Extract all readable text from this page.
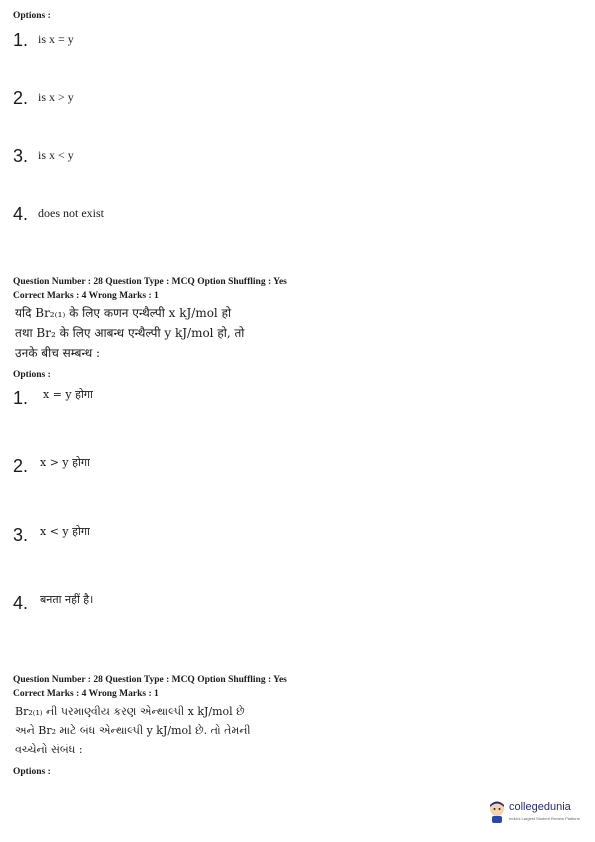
Options :
1. is x = y
2. is x > y
3. is x < y
4. does not exist
Question Number : 28 Question Type : MCQ Option Shuffling : Yes
Correct Marks : 4 Wrong Marks : 1
यदि Br₂₍₁₎ के लिए कणन एन्थैल्पी x kJ/mol हो
तथा Br₂ के लिए आबन्ध एन्थैल्पी y kJ/mol हो, तो
उनके बीच सम्बन्ध :
Options :
1. x = y होगा
2. x > y होगा
3. x < y होगा
4. बनता नहीं है।
Question Number : 28 Question Type : MCQ Option Shuffling : Yes
Correct Marks : 4 Wrong Marks : 1
Br₂₍₁₎ ની પરમાણ્વીય કરણ એન્થાલ્પી x kJ/mol છે
અને Br₂ માટે બંધ એન્થાલ્પી y kJ/mol છે. તો તેમની
વચ્ચેનો સંબંધ :
Options :
collegedunia
India's Largest Student Review Platform
